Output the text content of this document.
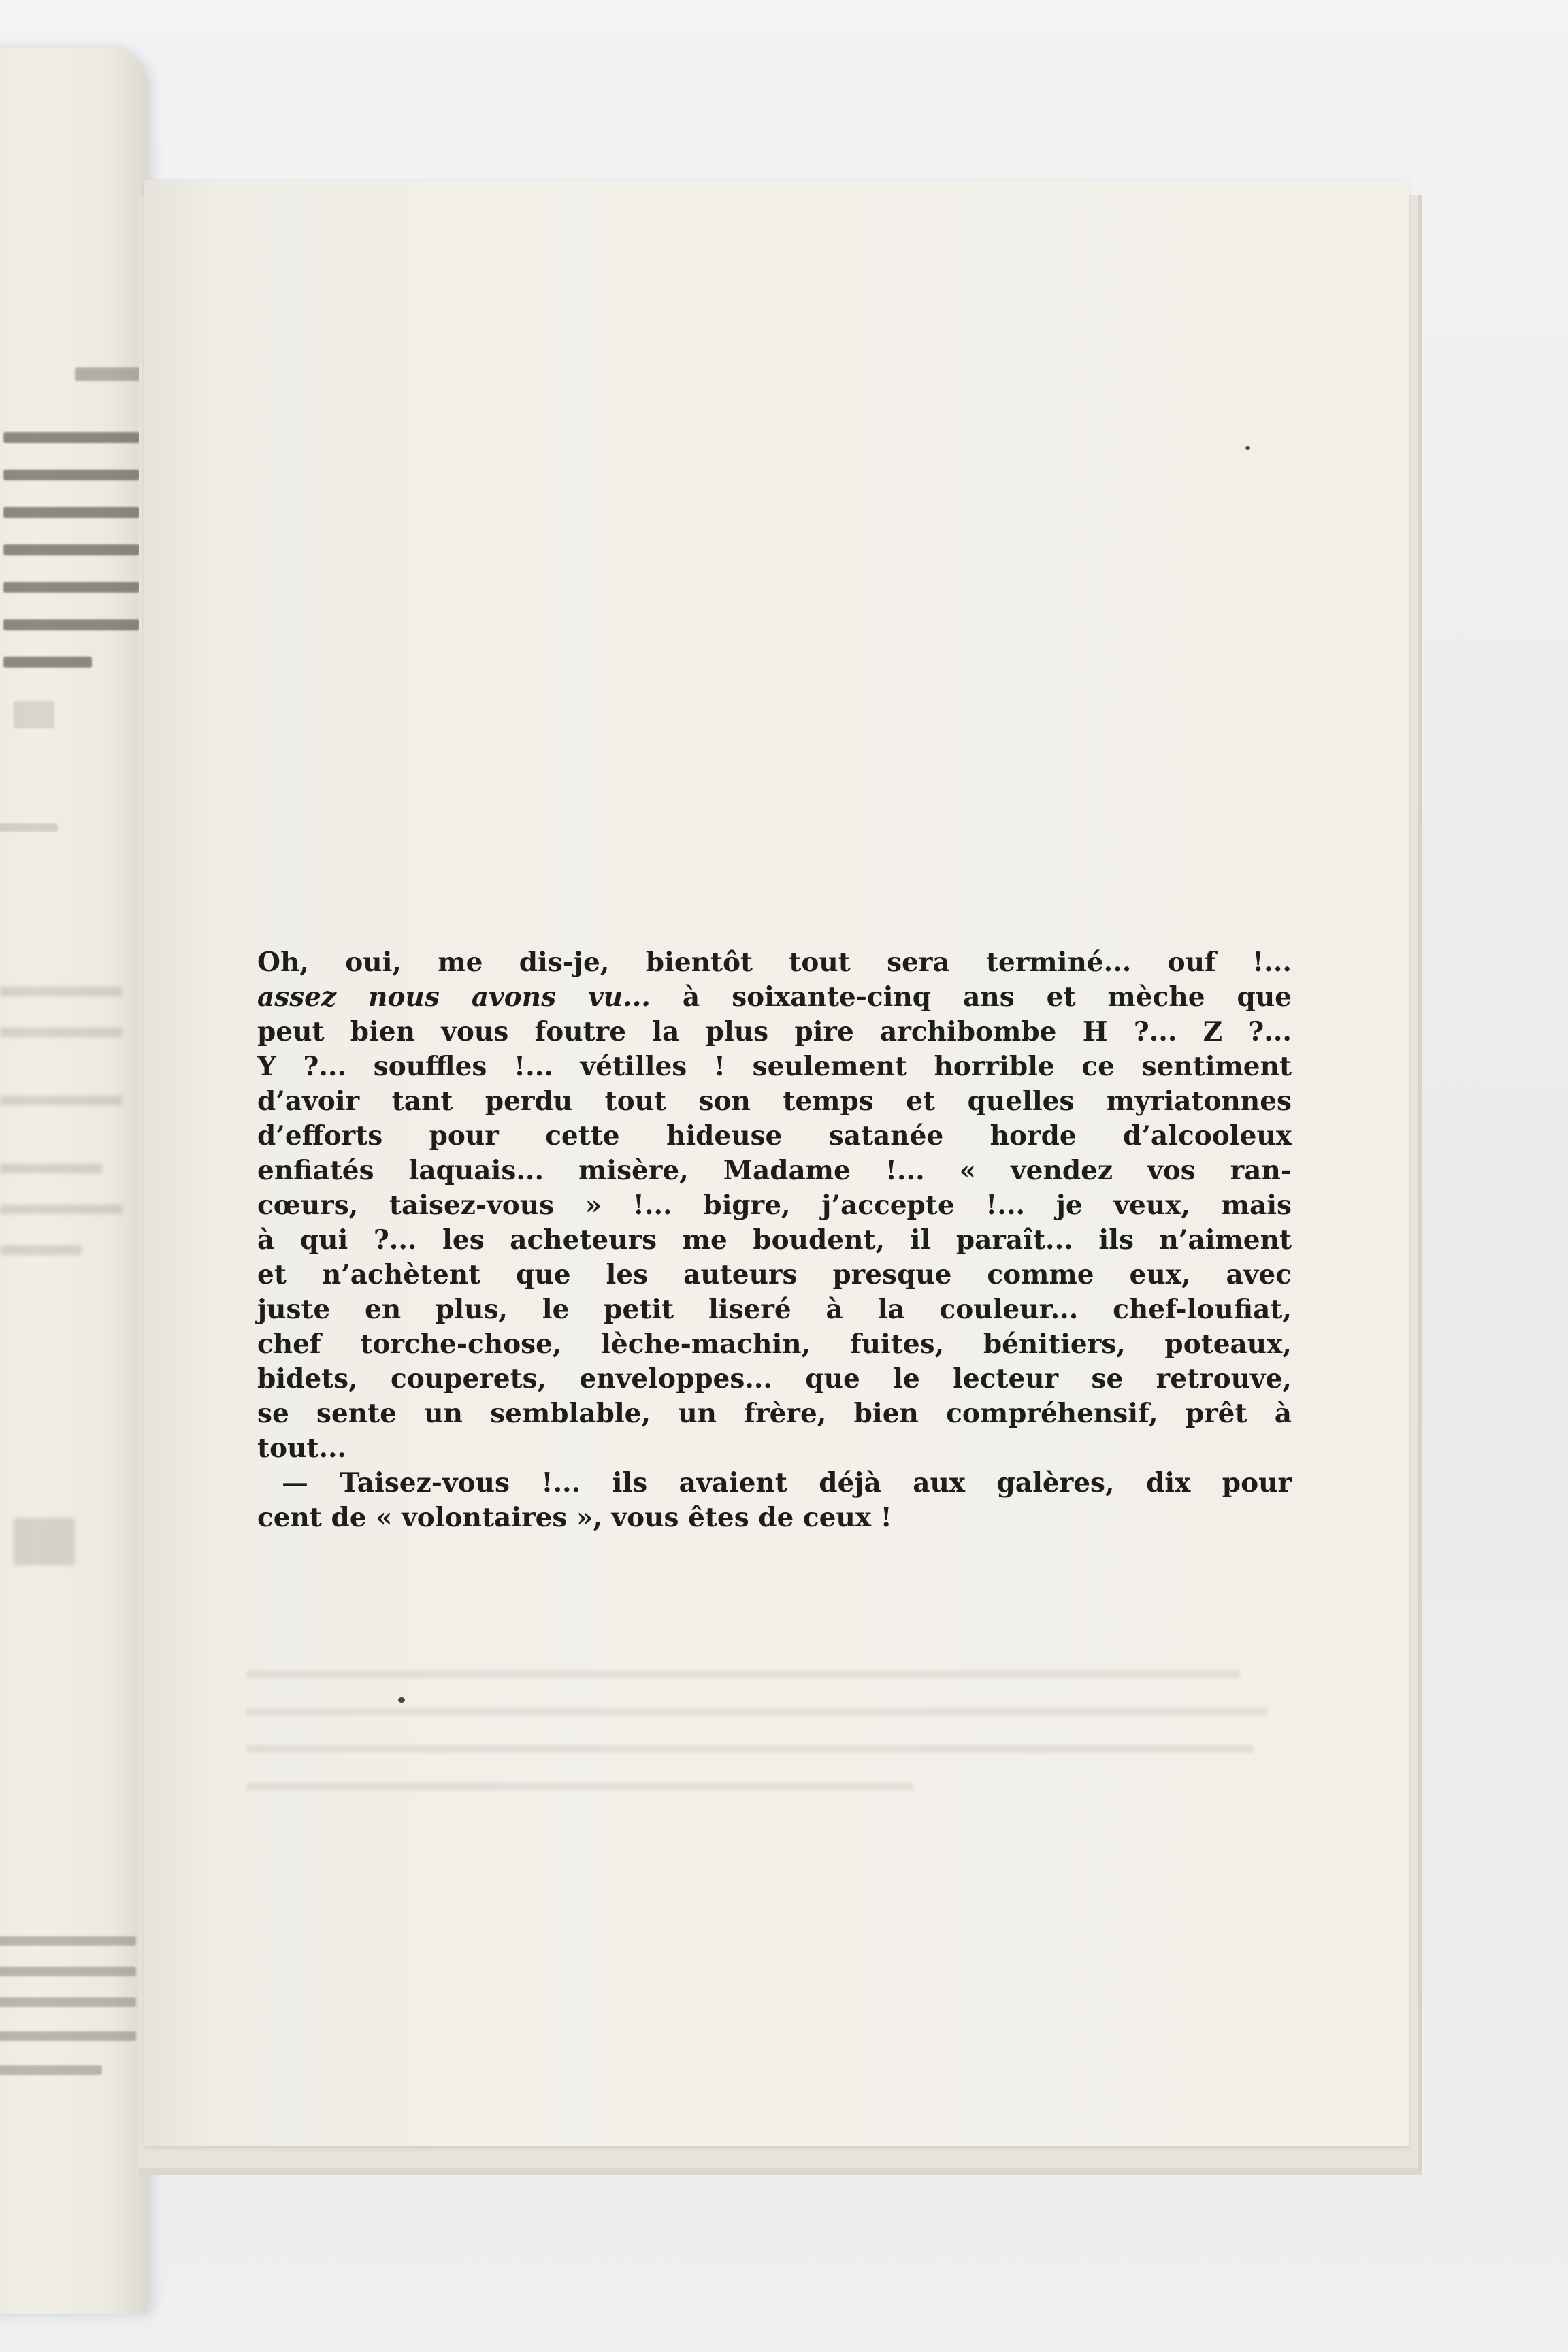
Oh, oui, me dis-je, bientôt tout sera terminé... ouf !...
assez nous avons vu... à soixante-cinq ans et mèche que
peut bien vous foutre la plus pire archibombe H ?... Z ?...
Y ?... souffles !... vétilles ! seulement horrible ce sentiment
d’avoir tant perdu tout son temps et quelles myriatonnes
d’efforts pour cette hideuse satanée horde d’alcooleux
enfiatés laquais... misère, Madame !... « vendez vos ran-
cœurs, taisez-vous » !... bigre, j’accepte !... je veux, mais
à qui ?... les acheteurs me boudent, il paraît... ils n’aiment
et n’achètent que les auteurs presque comme eux, avec
juste en plus, le petit liseré à la couleur... chef-loufiat,
chef torche-chose, lèche-machin, fuites, bénitiers, poteaux,
bidets, couperets, enveloppes... que le lecteur se retrouve,
se sente un semblable, un frère, bien compréhensif, prêt à
tout...
— Taisez-vous !... ils avaient déjà aux galères, dix pour
cent de « volontaires », vous êtes de ceux !
